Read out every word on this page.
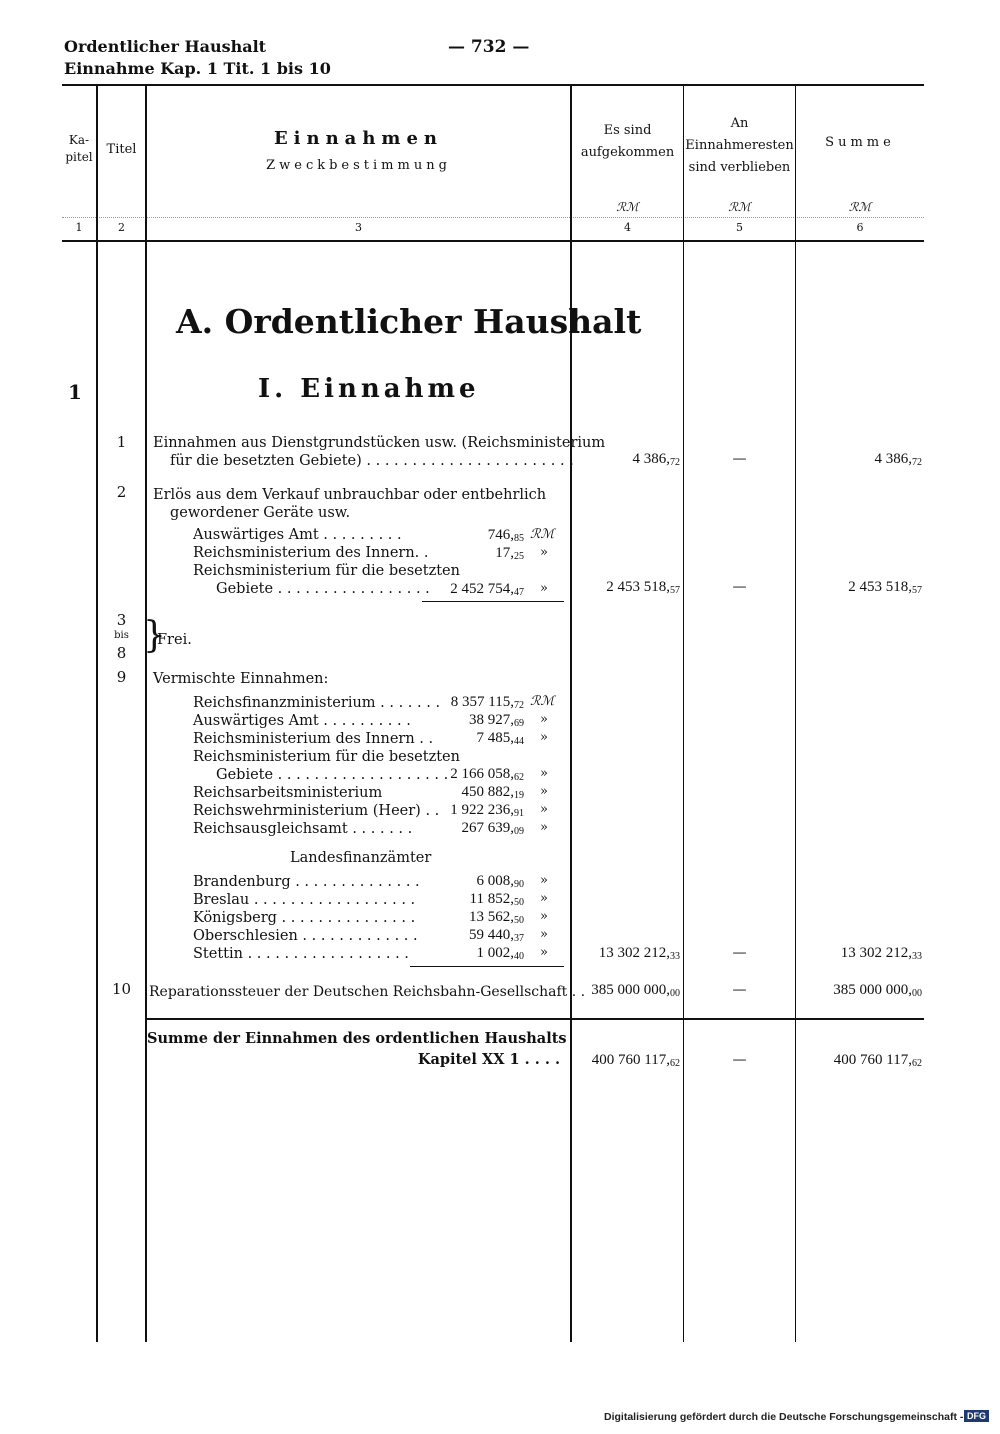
Ordentlicher Haushalt
Einnahme Kap. 1 Tit. 1 bis 10
— 732 —
Ka-
pitel	Titel
Einnahmen
Zweckbestimmung
Es sind
aufgekommen
An
Einnahmeresten
sind verblieben
Summe
ℛℳ	ℛℳ	ℛℳ
1	2	3	4	5	6
A. Ordentlicher Haushalt
1	I. Einnahme
1	Einnahmen aus Dienstgrundstücken usw. (Reichsministerium
für die besetzten Gebiete) . . . . . . . . . . . . . . . . . . . . . . .	4 $386,_{72}$	—	4 $386,_{72}$
2	Erlös aus dem Verkauf unbrauchbar oder entbehrlich
gewordener Geräte usw.
Auswärtiges Amt . . . . . . . . .	$746,_{85}$ ℛℳ
Reichsministerium des Innern. .	$17,_{25}$ »
Reichsministerium für die besetzten
Gebiete . . . . . . . . . . . . . . . . .	2 452 $754,_{47}$ »	2 453 $518,_{57}$	—	2 453 $518,_{57}$
3
bis
8 }
Frei.
9	Vermischte Einnahmen:
Reichsfinanzministerium . . . . . . . 8 357 $115,_{72}$ ℛℳ
Auswärtiges Amt . . . . . . . . . .	38 $927,_{69}$ »
Reichsministerium des Innern . .	7 $485,_{44}$ »
Reichsministerium für die besetzten
Gebiete . . . . . . . . . . . . . . . . . . . 2 166 $058,_{62}$ »
Reichsarbeitsministerium	450 $882,_{19}$ »
Reichswehrministerium (Heer) . . 1 922 $236,_{91}$ »
Reichsausgleichsamt . . . . . . .	267 $639,_{09}$ »
Landesfinanzämter
Brandenburg . . . . . . . . . . . . . .	6 $008,_{90}$ »
Breslau . . . . . . . . . . . . . . . . . .	11 $852,_{50}$ »
Königsberg . . . . . . . . . . . . . . .	13 $562,_{50}$ »
Oberschlesien . . . . . . . . . . . . .	59 $440,_{37}$ »
Stettin . . . . . . . . . . . . . . . . . .	1 $002,_{40}$ »	13 302 $212,_{33}$	—	13 302 $212,_{33}$
10	Reparationssteuer der Deutschen Reichsbahn-Gesellschaft . . 385 000 $000,_{00}$	—	385 000 $000,_{00}$
Summe der Einnahmen des ordentlichen Haushalts
Kapitel XX 1 . . . .	400 760 $117,_{62}$	—	400 760 $117,_{62}$
Digitalisierung gefördert durch die Deutsche Forschungsgemeinschaft - DFG
